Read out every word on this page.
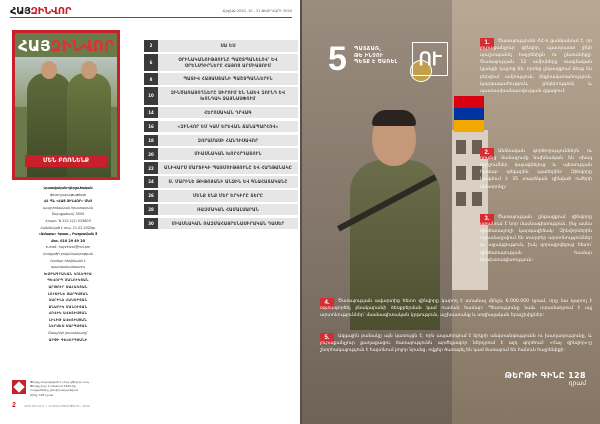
ՀԱՅԶԻՆՎՈՐ	Ճշգ/ԱՔ 2020, 10 - 21 ՓԵՏՐՎԱՐԻ 2020
ՀԱՅԶԻՆՎՈՐ
ՄԵՆ ԲՈՌՆԵՆՔ

Լրատվական-վերլուծական

ֆոտոշաբաթաթերթ

ՀՀ ՊՆ «ՀԱՅ ԶԻՆՎՈՐ» ՄԿՈ

պաշտոնական հրատարակ

Տպաքանակ՝ 5000

Հրատ. N 222.1(2) 033603

Հանձնված է տպ. 21.02.2020թ.

«Ամարա» հրատ., Բաղրամյան 5

Հեռ. 010 29 49 20

e-mail: hayzinvor@mil.am

Հոդվածի բովանդակության

համար հեղինակն է

պատասխանատու

ԽՄԲԱԳՐԱԿԱՆ ԿՈԼԵԳԻԱ

ԳԵՎՈՐԳ ՄԱՆՈՒԿՅԱՆ

ԱՐԹՈՒՐ ՍԱՀԱԿՅԱՆ

ԼՈՒՍԻՆԵ ՍԱՐԳՍՅԱՆ

ԶԱՐԻՆԵ ՀԱԿՈԲՅԱՆ

ՔՆԱՐԻԿ ՄԱՆՈՒՅԱՆ

ՀՈՎԻԿ ԱՎԵՏԻՍՅԱՆ

ԼԻԼԻԹ ԱՎԵՏԻՍՅԱՆ

ՆԵՐՍԵՍ ՍԱՐԳՍՅԱՆ

Շապիկի լուսանկարը՝

ԱՐՓԻ ԳԵՎՈՐԳՅԱՆԻ

Թերթը տպագրված է «Հայ զինվոր» տպ.
Թերթը լույս է տեսնում 1920-ից
Հոդվածները չեն վերադարձվում
Գինը՝ 128 դրամ
2	ՀԱՅ ԶԻՆՎՈՐ • ԱՐՏԱՀԱՅՏՈՒԹՅՈՒՆ, 2020
2	ՍԱ ԵՍ
6
ՕՐԻՆԱԿԱՆՈՒԹՅՈՒՆԸ ՊԱՇՏՊԱՆԵԼՈՎ՝ ԵՎ ՕՐԵՆՍԴԻՐՆԵՐԸ ՀԱՅՈՑ ԱՐՄԻԱՅՈՒՄ
8	ՊԱՏԻՎ ՀԱՅԱՍՏԱՆԻ ՊԱՇՏՊԱՆՆԵՐԻՆ
10
ԶԻՆԾԱՌԱՅՈՂՆԵՐԸ ՍԻՐՈՒՄ ԵՆ ՆԱԵՎ ԶՈՒՆԴ ԵՎ ԽՈՆԴԱԿ ՁԱՅՆԱՍՓՈՒՄ
14	ՀԵՐՈՍԱԿԱՆ ԴՐՎԱԳ
16	«ԶԻՆՎՈՐ ԵՄ ԿԱՄ ԵՐԵՎԱՆ ՃԱՆԱՊԱՐՀՈՎ»
18	ԶՈՐԱՄԱՍԻ ՀԱՆԴԻՍԱՎՈՐ
20	ՄԻԱՍՆԱԿԱՆ ԽՈՐՀՐԴԱՏՈՒՆ
22	ԱՆԻՎԱՐՍ ՄԱՐՏԻԿԻ ՊԱՏՄՈՒԹՅՈՒՆԸ ԵՎ ՀԱՂԹԱՆԱԿԸ
24	Ս. ՄԱՐԻՆԵ ԹԻԹՈՅԱՆԻ ԱՆՁԻՆ ԵՎ ԳՆԱՀԱՏԱԿԱՆԸ
26	ՄԵՆՔ ԵՆՔ ՄԵՐ ԵՐԿԻՐԸ ՏԵՐԸ
28	ՌԱԶՄԱԿԱՆ ՀԱՄԱԼՍԱՐԱՆ
30	ՄԻԱՍՆԱԿԱՆ ՌԱԶՄԱՀԱՅՐԵՆԱՍԻՐԱԿԱՆ ԴԱՍԵՐ
5 ՊԱՏՃԱՌ,
ԹԵ ԻՆՉՈՒ
ՊԵՏՔ Է ԾԱՌԵԼ	ՈՒ
1.	Ծառայությունն ՀՀ-ն ցանկանում է, որ յուրաքանչյուր զինվոր, պատրաստ լինի պաշտպանել հայրենիքն ու ընտանիքը: Ծառայության 12 ամիսները ռազմական կյանքի դպրոց են, որոնց ընթացքում ձեռք են բերվում ամրություն, ինքնավստահություն, կարգապահություն, ընկերություն և պատասխանատվության զգացում:

2.	Անձնական գործողություններն ու դրանց ճանաչումը նախնական են սխալ որոշումներ կայացնելուց և պետության համար դժվարին պահերին: Զինվորը կազմում է 35 տարեկան զինված ուժերի կենտրոնը:

3.	Ծառայության ընթացքում զինվորը ստանում է նոր մասնագիտություն, ինչ ասես զինծառայողի կարգավիճակ: Զինվորներին տրամադրվում են տարբեր արտոնություններ ու աջակցություն, իսկ զորացրվելուց հետո՝ զինծառայության համար երախտագիտություն:

4.	Ծառայության ավարտից հետո զինվորը կարող է ստանալ մինչև 6.000.000 դրամ, որը նա կարող է օգտագործել բնակարանի ձեռքբերման կամ ուսման համար: Պետությունը նաև տրամադրում է այլ արտոնություններ՝ մասնագիտական կրթություն, աշխատանք և սոցիալական երաշխիքներ:

5.	Ազգային բանակը այն կառույցն է, որն ապահովում է երկրի անվտանգությունն ու խաղաղությունը, և յուրաքանչյուր քաղաքացու ծառայությունն արժեքավոր ներդրում է այդ գործում: «Հայ զինվոր»-ը շնորհակալություն է հայտնում բոլոր նրանց, ովքեր ծառայել են կամ ծառայում են հանուն հայրենիքի:

ԹԵՐԹԻ ԳԻՆԸ 128
դրամ
